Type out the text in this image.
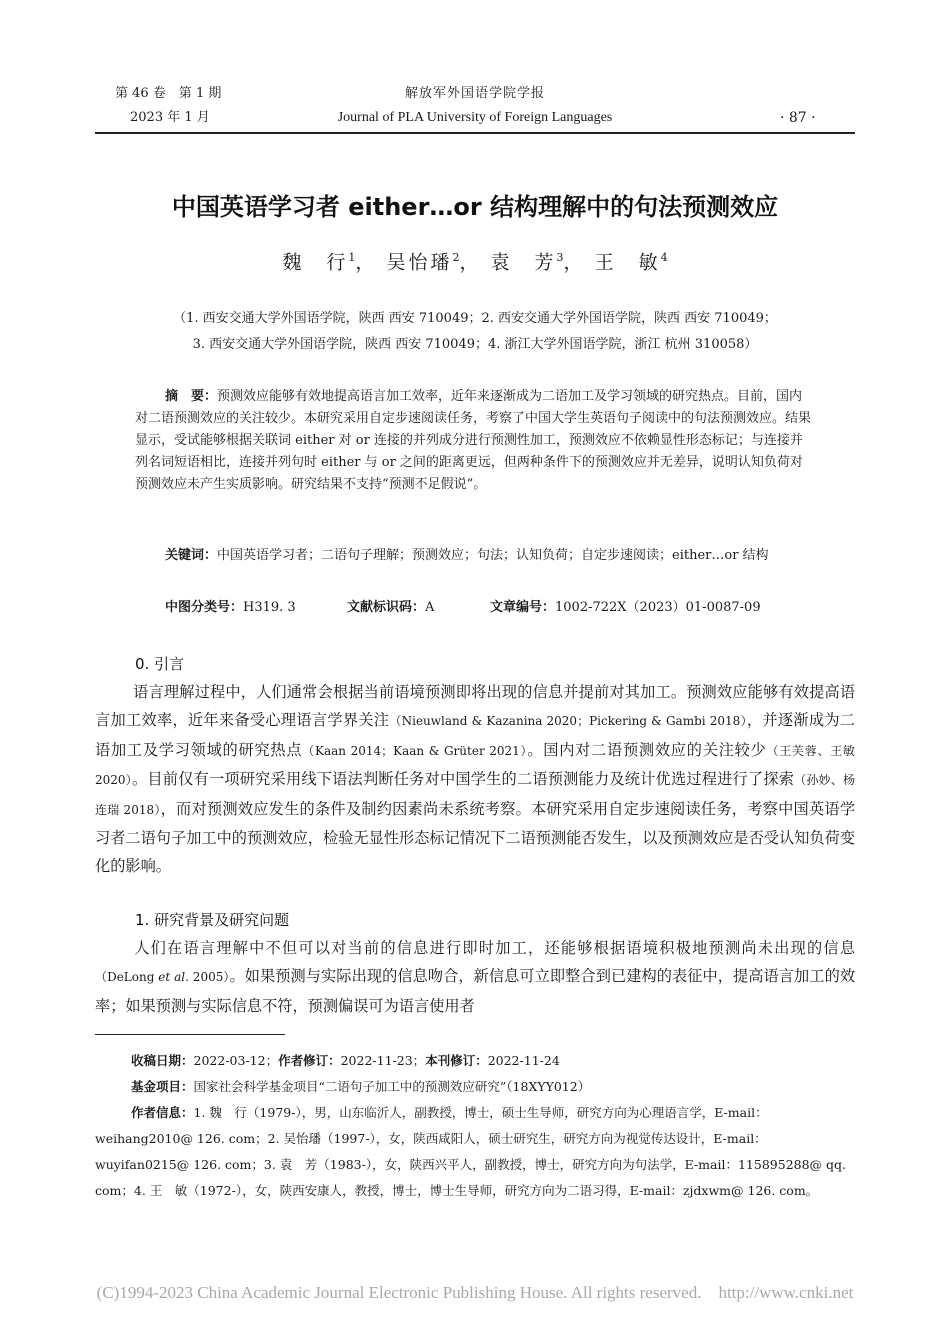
第 46 卷　第 1 期
2023 年 1 月
解放军外国语学院学报
Journal of PLA University of Foreign Languages	· 87 ·
中国英语学习者 either…or 结构理解中的句法预测效应
魏　行$^1$， 吴怡璠$^2$， 袁　芳$^3$， 王　敏$^4$
（1. 西安交通大学外国语学院，陕西 西安 710049；2. 西安交通大学外国语学院，陕西 西安 710049；
3. 西安交通大学外国语学院，陕西 西安 710049；4. 浙江大学外国语学院，浙江 杭州 310058）
摘　要：预测效应能够有效地提高语言加工效率，近年来逐渐成为二语加工及学习领域的研究热点。目前，国内对二语预测效应的关注较少。本研究采用自定步速阅读任务，考察了中国大学生英语句子阅读中的句法预测效应。结果显示，受试能够根据关联词 either 对 or 连接的并列成分进行预测性加工，预测效应不依赖显性形态标记；与连接并列名词短语相比，连接并列句时 either 与 or 之间的距离更远，但两种条件下的预测效应并无差异，说明认知负荷对预测效应未产生实质影响。研究结果不支持“预测不足假说”。
关键词：中国英语学习者；二语句子理解；预测效应；句法；认知负荷；自定步速阅读；either…or 结构
中图分类号：H319. 3	文献标识码：A	文章编号：1002-722X（2023）01-0087-09
0. 引言
语言理解过程中，人们通常会根据当前语境预测即将出现的信息并提前对其加工。预测效应能够有效提高语言加工效率，近年来备受心理语言学界关注（Nieuwland & Kazanina 2020；Pickering & Gambi 2018），并逐渐成为二语加工及学习领域的研究热点（Kaan 2014；Kaan & Grüter 2021）。国内对二语预测效应的关注较少（王芙蓉、王敏 2020）。目前仅有一项研究采用线下语法判断任务对中国学生的二语预测能力及统计优选过程进行了探索（孙妙、杨连瑞 2018），而对预测效应发生的条件及制约因素尚未系统考察。本研究采用自定步速阅读任务，考察中国英语学习者二语句子加工中的预测效应，检验无显性形态标记情况下二语预测能否发生，以及预测效应是否受认知负荷变化的影响。
1. 研究背景及研究问题
人们在语言理解中不但可以对当前的信息进行即时加工，还能够根据语境积极地预测尚未出现的信息（DeLong et al. 2005）。如果预测与实际出现的信息吻合，新信息可立即整合到已建构的表征中，提高语言加工的效率；如果预测与实际信息不符，预测偏误可为语言使用者
收稿日期：2022-03-12；作者修订：2022-11-23；本刊修订：2022-11-24
基金项目：国家社会科学基金项目“二语句子加工中的预测效应研究”（18XYY012）
作者信息：1. 魏　行（1979-），男，山东临沂人，副教授，博士，硕士生导师，研究方向为心理语言学，E-mail：weihang2010@ 126. com；2. 吴怡璠（1997-），女，陕西咸阳人，硕士研究生，研究方向为视觉传达设计，E-mail：wuyifan0215@ 126. com；3. 袁　芳（1983-），女，陕西兴平人，副教授，博士，研究方向为句法学，E-mail：115895288@ qq. com；4. 王　敏（1972-），女，陕西安康人，教授，博士，博士生导师，研究方向为二语习得，E-mail：zjdxwm@ 126. com。
(C)1994-2023 China Academic Journal Electronic Publishing House. All rights reserved.　http://www.cnki.net
